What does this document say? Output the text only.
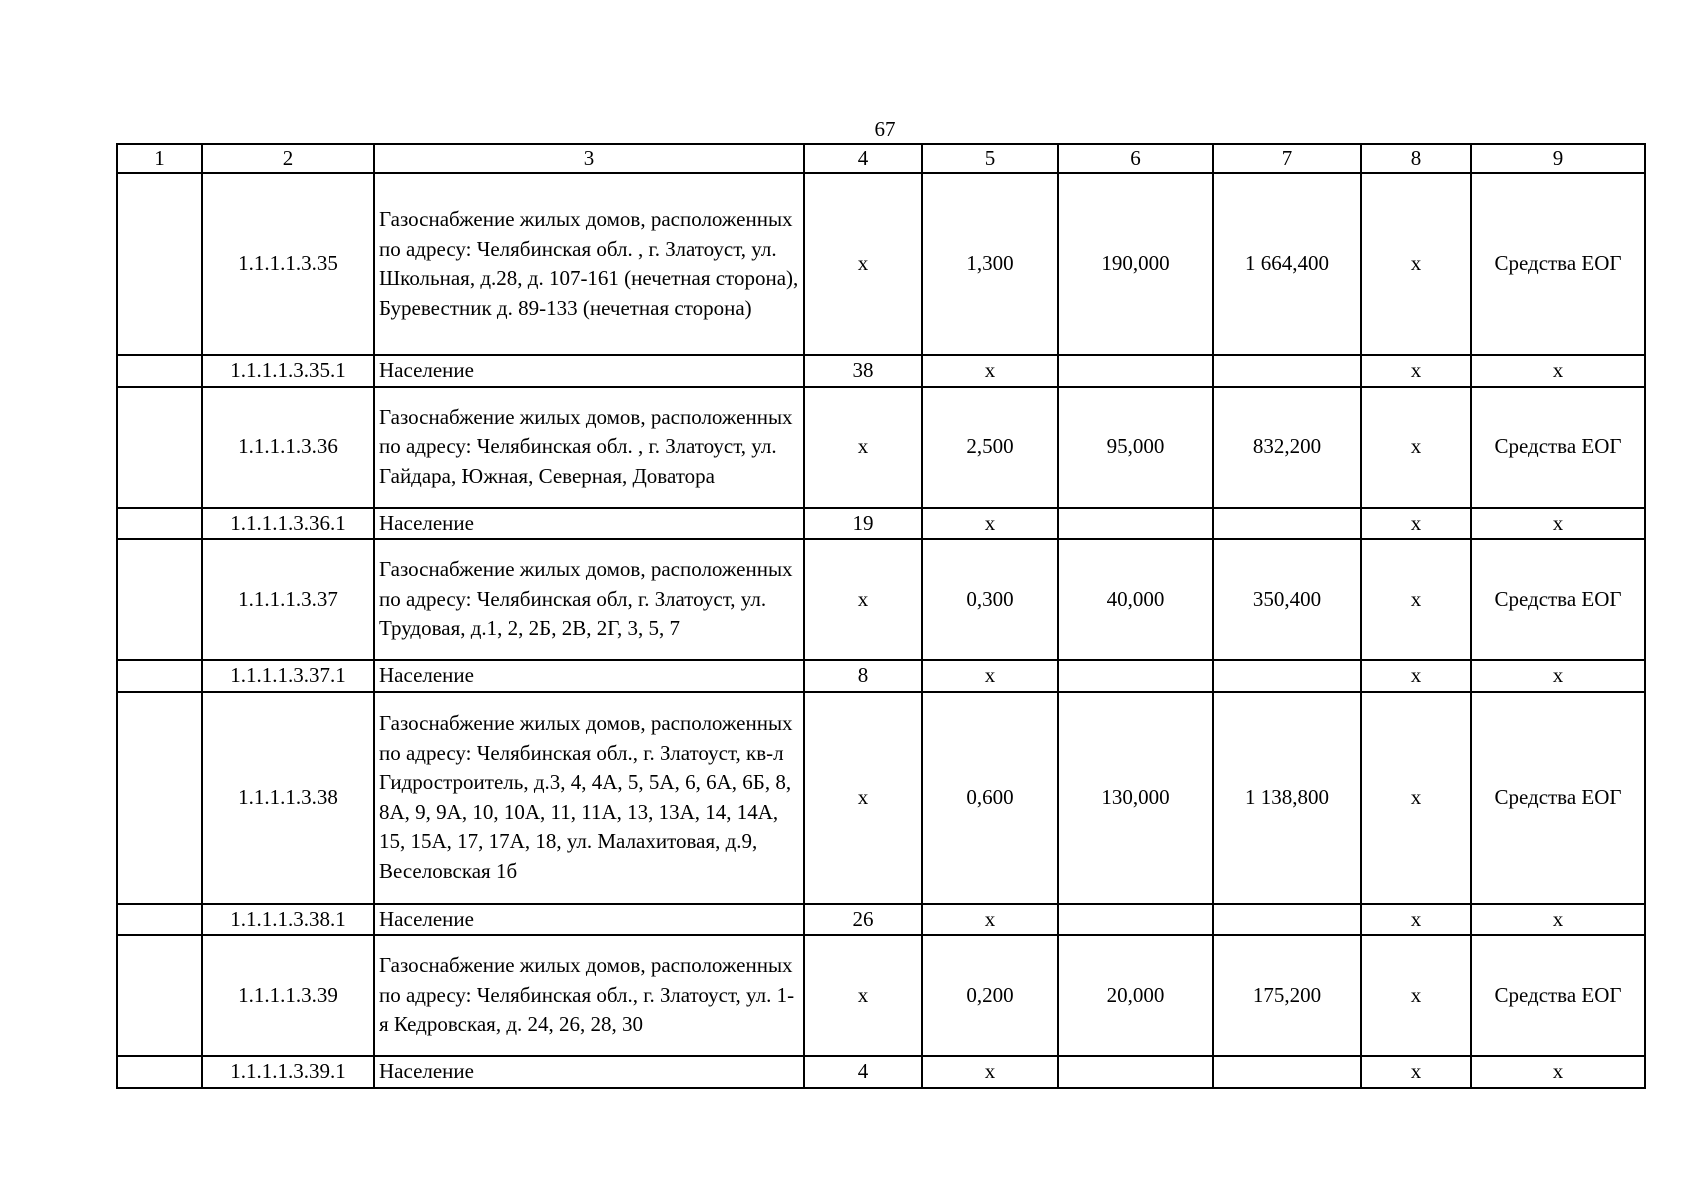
67
1	2	3	4	5	6	7	8	9
	1.1.1.1.3.35	Газоснабжение жилых домов, расположенных по адресу: Челябинская обл. , г. Златоуст, ул. Школьная, д.28, д. 107-161 (нечетная сторона), Буревестник д. 89-133 (нечетная сторона)	х	1,300	190,000	1 664,400	х	Средства ЕОГ
	1.1.1.1.3.35.1	Население	38	х			х	х
	1.1.1.1.3.36	Газоснабжение жилых домов, расположенных по адресу: Челябинская обл. , г. Златоуст, ул. Гайдара, Южная, Северная, Доватора	х	2,500	95,000	832,200	х	Средства ЕОГ
	1.1.1.1.3.36.1	Население	19	х			х	х
	1.1.1.1.3.37	Газоснабжение жилых домов, расположенных по адресу: Челябинская обл, г. Златоуст, ул. Трудовая, д.1, 2, 2Б, 2В, 2Г, 3, 5, 7	х	0,300	40,000	350,400	х	Средства ЕОГ
	1.1.1.1.3.37.1	Население	8	х			х	х
	1.1.1.1.3.38	Газоснабжение жилых домов, расположенных по адресу: Челябинская обл., г. Златоуст, кв-л Гидростроитель, д.3, 4, 4А, 5, 5А, 6, 6А, 6Б, 8, 8А, 9, 9А, 10, 10А, 11, 11А, 13, 13А, 14, 14А, 15, 15А, 17, 17А, 18, ул. Малахитовая, д.9, Веселовская 1б	х	0,600	130,000	1 138,800	х	Средства ЕОГ
	1.1.1.1.3.38.1	Население	26	х			х	х
	1.1.1.1.3.39	Газоснабжение жилых домов, расположенных по адресу: Челябинская обл., г. Златоуст, ул. 1-я Кедровская, д. 24, 26, 28, 30	х	0,200	20,000	175,200	х	Средства ЕОГ
	1.1.1.1.3.39.1	Население	4	х			х	х
